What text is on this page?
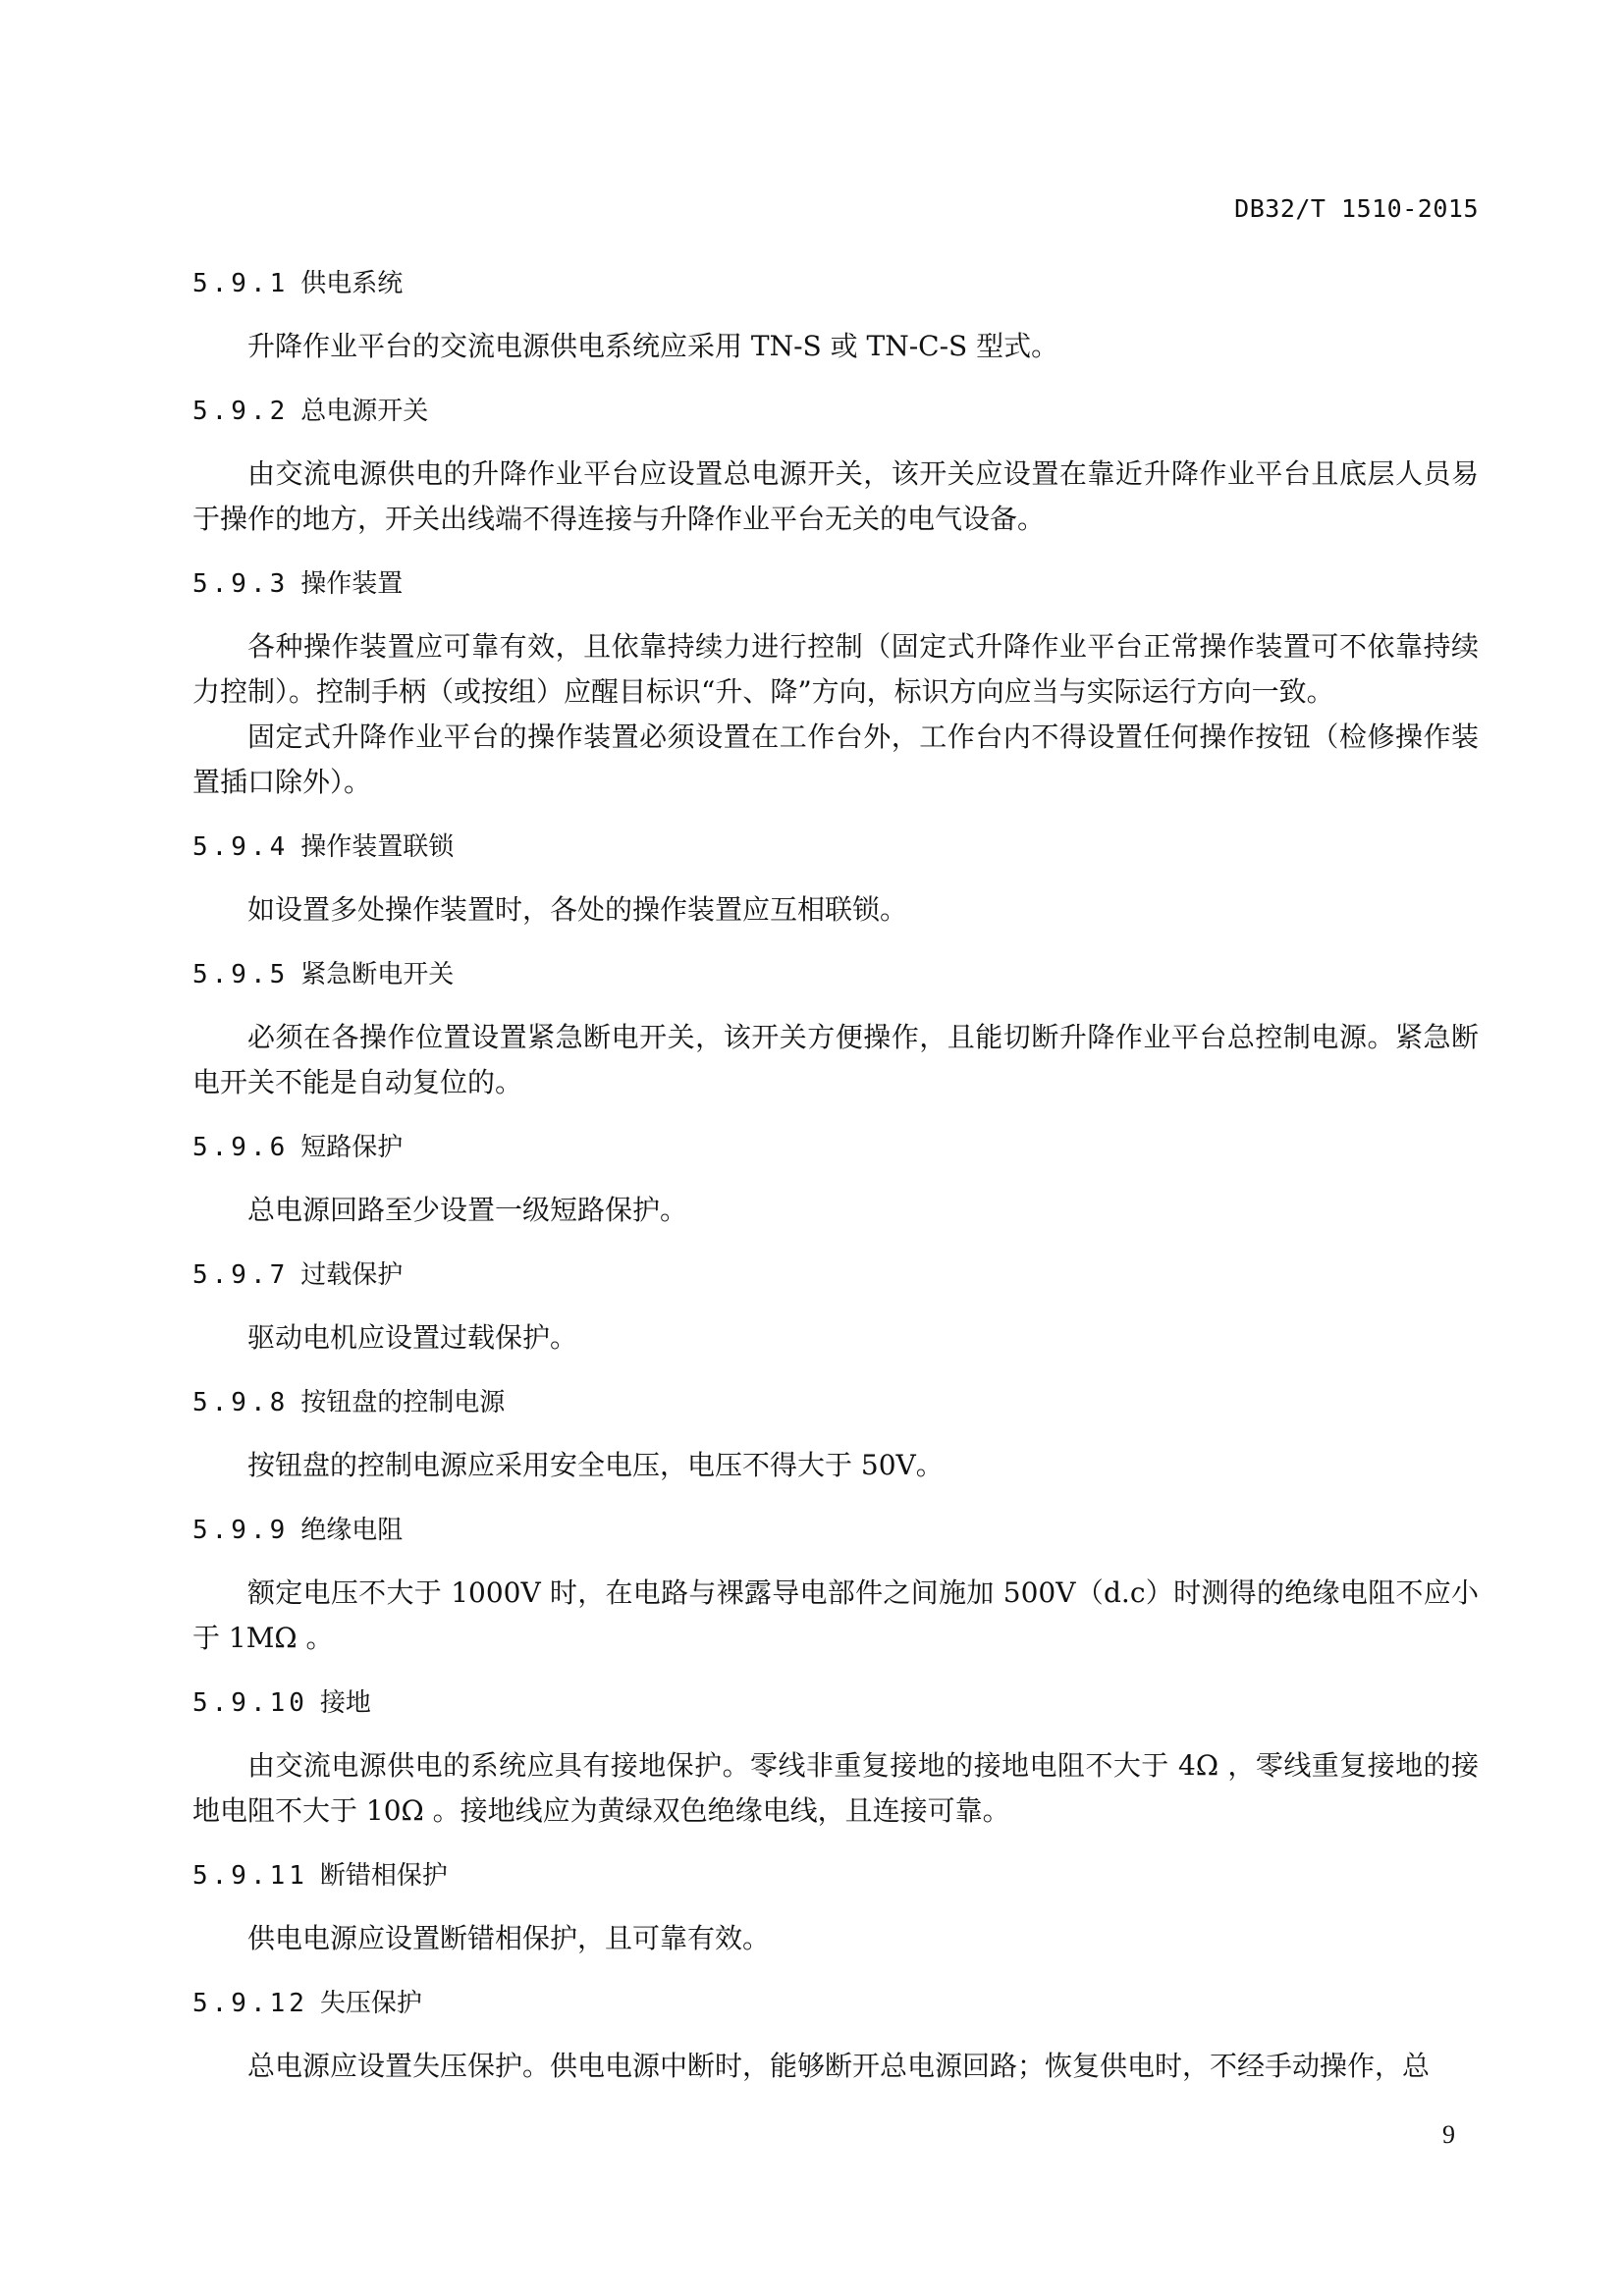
DB32/T 1510-2015
5.9.1 供电系统

升降作业平台的交流电源供电系统应采用 TN-S 或 TN-C-S 型式。

5.9.2 总电源开关

由交流电源供电的升降作业平台应设置总电源开关，该开关应设置在靠近升降作业平台且底层人员易于操作的地方，开关出线端不得连接与升降作业平台无关的电气设备。

5.9.3 操作装置

各种操作装置应可靠有效，且依靠持续力进行控制（固定式升降作业平台正常操作装置可不依靠持续力控制）。控制手柄（或按组）应醒目标识“升、降”方向，标识方向应当与实际运行方向一致。

固定式升降作业平台的操作装置必须设置在工作台外，工作台内不得设置任何操作按钮（检修操作装置插口除外）。

5.9.4 操作装置联锁

如设置多处操作装置时，各处的操作装置应互相联锁。

5.9.5 紧急断电开关

必须在各操作位置设置紧急断电开关，该开关方便操作，且能切断升降作业平台总控制电源。紧急断电开关不能是自动复位的。

5.9.6 短路保护

总电源回路至少设置一级短路保护。

5.9.7 过载保护

驱动电机应设置过载保护。

5.9.8 按钮盘的控制电源

按钮盘的控制电源应采用安全电压，电压不得大于 50V。

5.9.9 绝缘电阻

额定电压不大于 1000V 时，在电路与裸露导电部件之间施加 500V（d.c）时测得的绝缘电阻不应小于 1MΩ 。

5.9.10 接地

由交流电源供电的系统应具有接地保护。零线非重复接地的接地电阻不大于 4Ω ，零线重复接地的接地电阻不大于 10Ω 。接地线应为黄绿双色绝缘电线，且连接可靠。

5.9.11 断错相保护

供电电源应设置断错相保护，且可靠有效。

5.9.12 失压保护

总电源应设置失压保护。供电电源中断时，能够断开总电源回路；恢复供电时，不经手动操作，总

9
